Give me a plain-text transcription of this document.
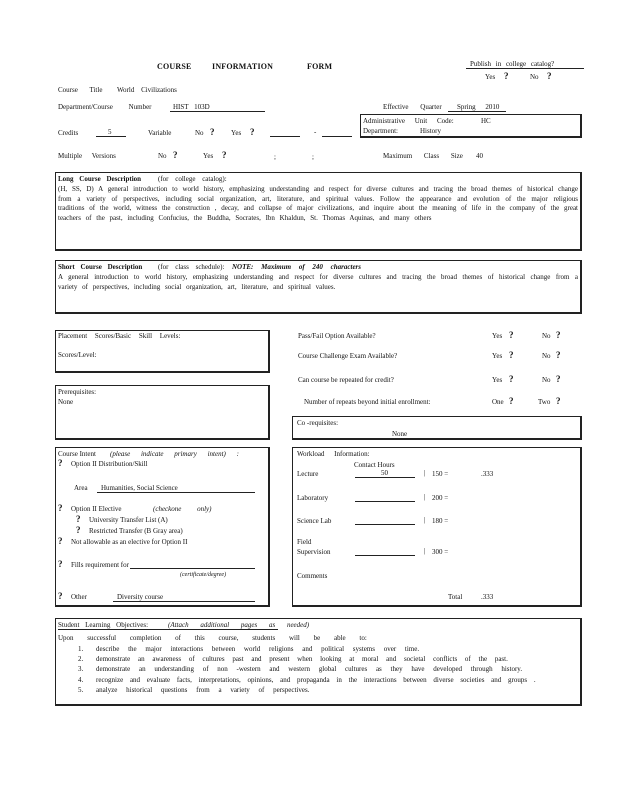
COURSE	INFORMATION	FORM	Publish in college catalog?
Yes ?	No ?
Course Title World Civilizations
Department/Course Number	HIST 103D	Effective Quarter Spring 2010
Administrative Unit Code:	HC
Department:	History
Credits	5	Variable	No ? Yes ?	-
Multiple Versions	No ?	Yes ?	;	;	Maximum Class Size 40
Long Course Description (for college catalog):
(H, SS, D) A general introduction to world history, emphasizing understanding and respect for diverse cultures and tracing the broad themes of historical change from a variety of perspectives, including social organization, art, literature, and spiritual values. Follow the appearance and evolution of the major religious traditions of the world, witness the construction , decay, and collapse of major civilizations, and inquire about the meaning of life in the company of the great teachers of the past, including Confucius, the Buddha, Socrates, Ibn Khaldun, St. Thomas Aquinas, and many others
Short Course Description (for class schedule): NOTE: Maximum of 240 characters
A general introduction to world history, emphasizing understanding and respect for diverse cultures and tracing the broad themes of historical change from a variety of perspectives, including social organization, art, literature, and spiritual values.
Placement Scores/Basic Skill Levels:
Scores/Level:
Pass/Fail Option Available?	Yes ?	No ?
Course Challenge Exam Available?	Yes ?	No ?
Can course be repeated for credit?	Yes ?	No ?
Number of repeats beyond initial enrollment:	One ?	Two ?
Prerequisites:
None
Co -requisites:
None
Course Intent (please indicate primary intent) :
? Option II Distribution/Skill
Area Humanities, Social Science
? Option II Elective	(checkone only)
? University Transfer List (A)
? Restricted Transfer (B Gray area)
? Not allowable as an elective for Option II
? Fills requirement for
(certificate/degree)
? Other	Diversity course
Workload Information:
Contact Hours
Lecture	50	| 150 =	.333
Laboratory	| 200 =
Science Lab	| 180 =
Field
Supervision	| 300 =
Comments
Total	.333
Student Learning Objectives:	(Attach additional pages as needed)
Upon successful completion of this course, students will be able to:
1. describe the major interactions between world religions and political systems over time.
2. demonstrate an awareness of cultures past and present when looking at moral and societal conflicts of the past.
3. demonstrate an understanding of non -western and western global cultures as they have developed through history.
4. recognize and evaluate facts, interpretations, opinions, and propaganda in the interactions between diverse societies and groups .
5. analyze historical questions from a variety of perspectives.
